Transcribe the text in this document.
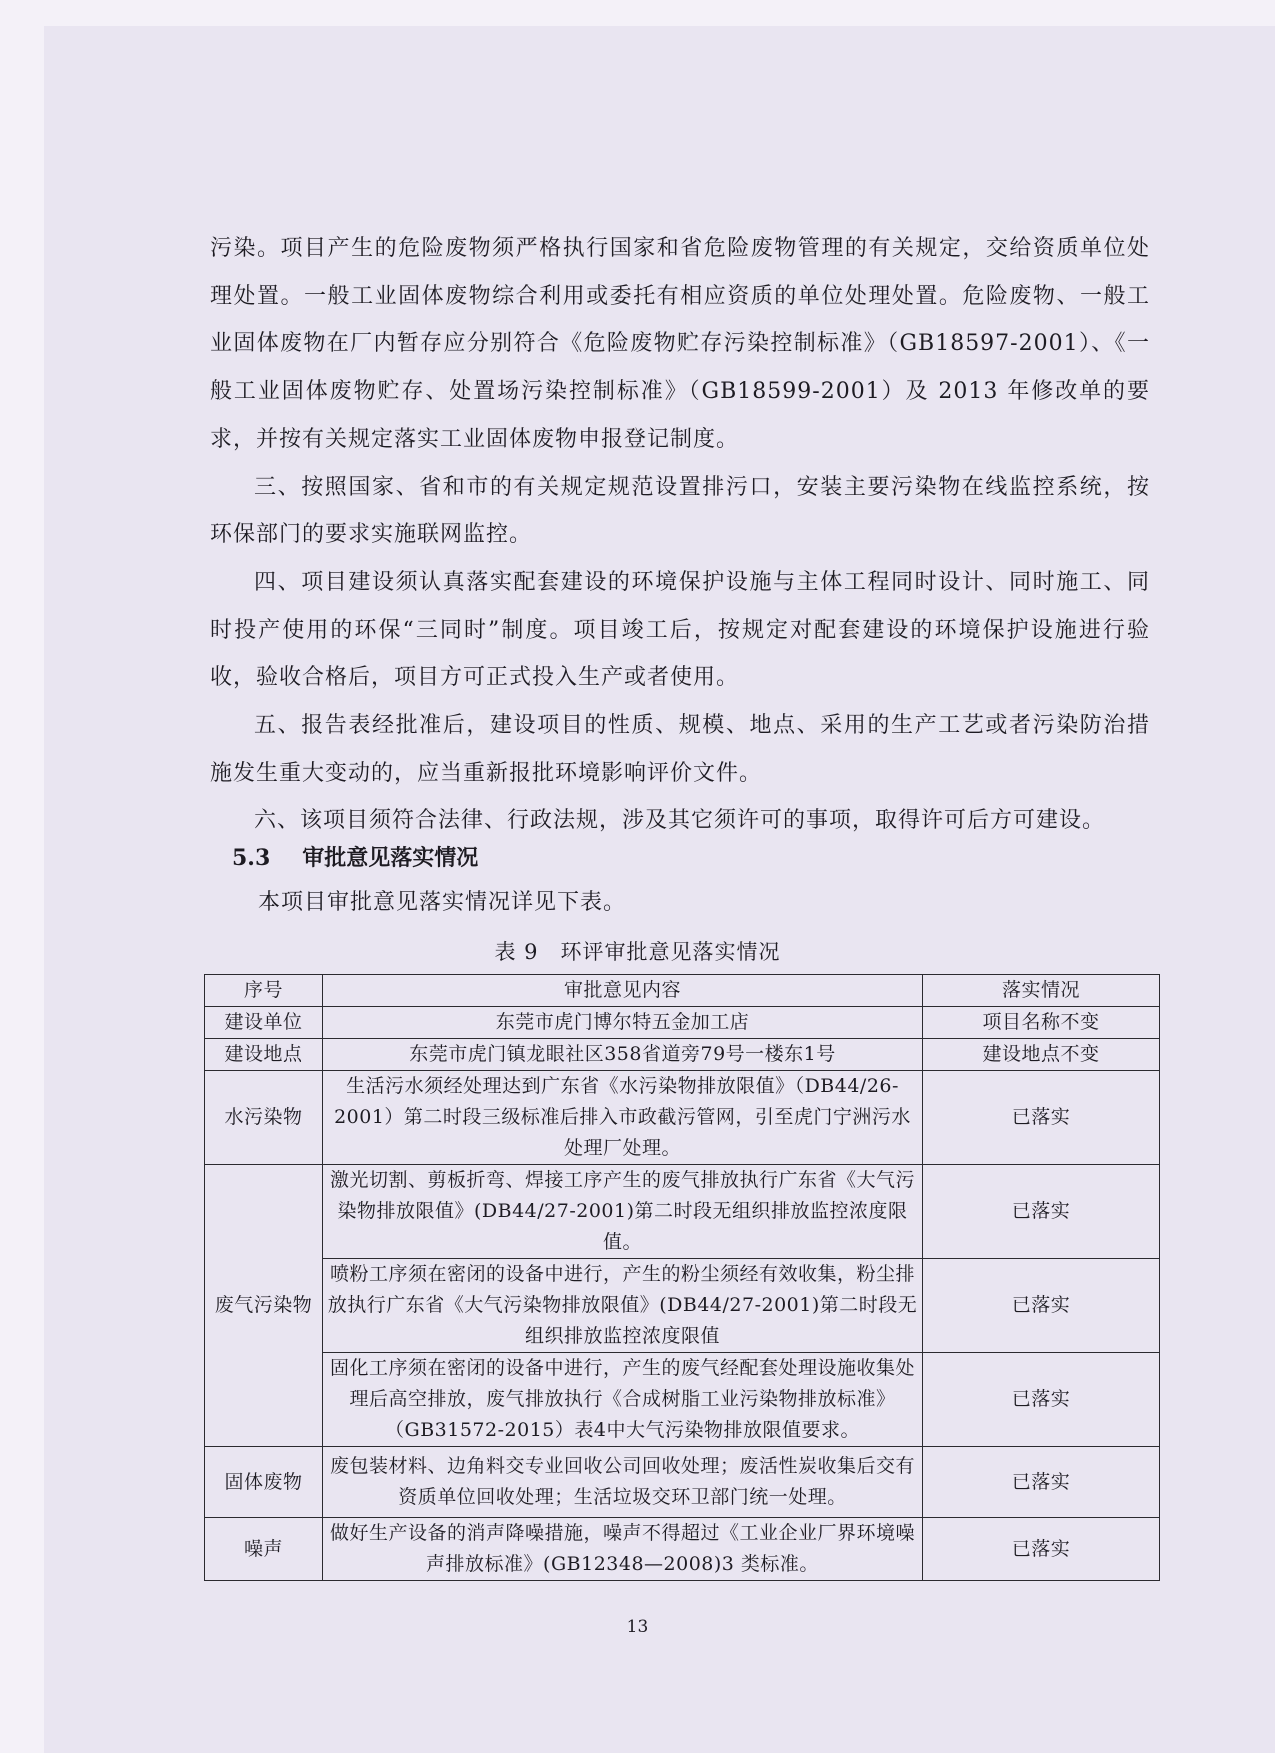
污染。项目产生的危险废物须严格执行国家和省危险废物管理的有关规定，交给资质单位处理处置。一般工业固体废物综合利用或委托有相应资质的单位处理处置。危险废物、一般工业固体废物在厂内暂存应分别符合《危险废物贮存污染控制标准》（GB18597-2001）、《一般工业固体废物贮存、处置场污染控制标准》（GB18599-2001）及 2013 年修改单的要求，并按有关规定落实工业固体废物申报登记制度。

三、按照国家、省和市的有关规定规范设置排污口，安装主要污染物在线监控系统，按环保部门的要求实施联网监控。

四、项目建设须认真落实配套建设的环境保护设施与主体工程同时设计、同时施工、同时投产使用的环保“三同时”制度。项目竣工后，按规定对配套建设的环境保护设施进行验收，验收合格后，项目方可正式投入生产或者使用。

五、报告表经批准后，建设项目的性质、规模、地点、采用的生产工艺或者污染防治措施发生重大变动的，应当重新报批环境影响评价文件。

六、该项目须符合法律、行政法规，涉及其它须许可的事项，取得许可后方可建设。

5.3 审批意见落实情况
本项目审批意见落实情况详见下表。
表 9 环评审批意见落实情况
序号	审批意见内容	落实情况
建设单位	东莞市虎门博尔特五金加工店	项目名称不变
建设地点	东莞市虎门镇龙眼社区358省道旁79号一楼东1号	建设地点不变
水污染物	生活污水须经处理达到广东省《水污染物排放限值》（DB44/26-2001）第二时段三级标准后排入市政截污管网，引至虎门宁洲污水处理厂处理。	已落实
废气污染物	激光切割、剪板折弯、焊接工序产生的废气排放执行广东省《大气污染物排放限值》(DB44/27-2001)第二时段无组织排放监控浓度限值。	已落实
	喷粉工序须在密闭的设备中进行，产生的粉尘须经有效收集，粉尘排放执行广东省《大气污染物排放限值》(DB44/27-2001)第二时段无组织排放监控浓度限值	已落实
	固化工序须在密闭的设备中进行，产生的废气经配套处理设施收集处理后高空排放，废气排放执行《合成树脂工业污染物排放标准》（GB31572-2015）表4中大气污染物排放限值要求。	已落实
固体废物	废包装材料、边角料交专业回收公司回收处理；废活性炭收集后交有资质单位回收处理；生活垃圾交环卫部门统一处理。	已落实
噪声	做好生产设备的消声降噪措施，噪声不得超过《工业企业厂界环境噪声排放标准》(GB12348—2008)3 类标准。	已落实
13
